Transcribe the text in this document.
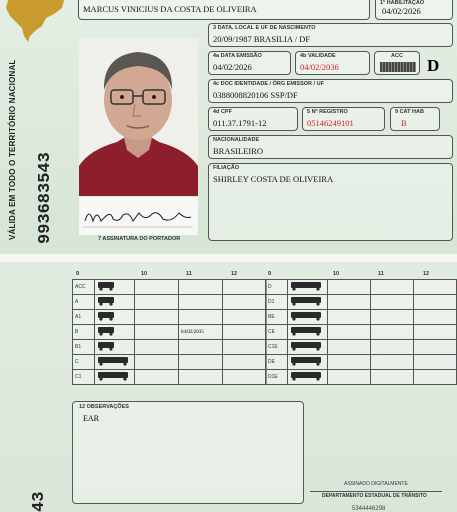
VÁLIDA EM TODO O TERRITÓRIO NACIONAL 993683543
MARCUS VINICIUS DA COSTA DE OLIVEIRA
1ª HABILITAÇÃO
04/02/2026
7 ASSINATURA DO PORTADOR
3 DATA, LOCAL E UF DE NASCIMENTO
20/09/1987 BRASILIA / DF
4a DATA EMISSÃO
04/02/2026
4b VALIDADE
04/02/2036
ACC D
4c DOC IDENTIDADE / ÓRG EMISSOR / UF
0388008820106 SSP/DF
4d CPF
011.37.1791-12
5 Nº REGISTRO
05146249101
9 CAT HAB
B
NACIONALIDADE
BRASILEIRO
FILIAÇÃO
SHIRLEY COSTA DE OLIVEIRA
43
9	10	11	12
ACC				
A				
A1				
B			04/02/2035	
B1				
C				
C1				
9	10	11	12
D				
D1				
BE				
CE				
C1E				
DE				
D1E				
12 OBSERVAÇÕES
EAR
ASSINADO DIGITALMENTE
DEPARTAMENTO ESTADUAL DE TRÂNSITO
5344446298
